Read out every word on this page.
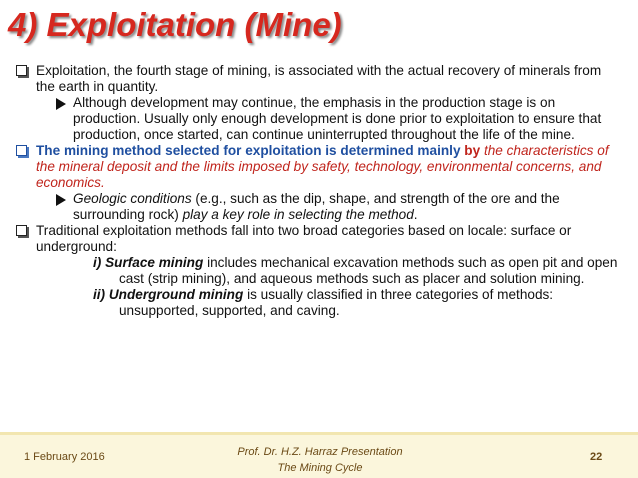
4) Exploitation (Mine)
Exploitation, the fourth stage of mining, is associated with the actual recovery of minerals from the earth in quantity.
Although development may continue, the emphasis in the production stage is on production. Usually only enough development is done prior to exploitation to ensure that production, once started, can continue uninterrupted throughout the life of the mine.
The mining method selected for exploitation is determined mainly by the characteristics of the mineral deposit and the limits imposed by safety, technology, environmental concerns, and economics.
Geologic conditions (e.g., such as the dip, shape, and strength of the ore and the surrounding rock) play a key role in selecting the method.
Traditional exploitation methods fall into two broad categories based on locale: surface or underground:
i) Surface mining includes mechanical excavation methods such as open pit and open cast (strip mining), and aqueous methods such as placer and solution mining.
ii) Underground mining is usually classified in three categories of methods: unsupported, supported, and caving.
1 February 2016	Prof. Dr. H.Z. Harraz Presentation
The Mining Cycle
22
